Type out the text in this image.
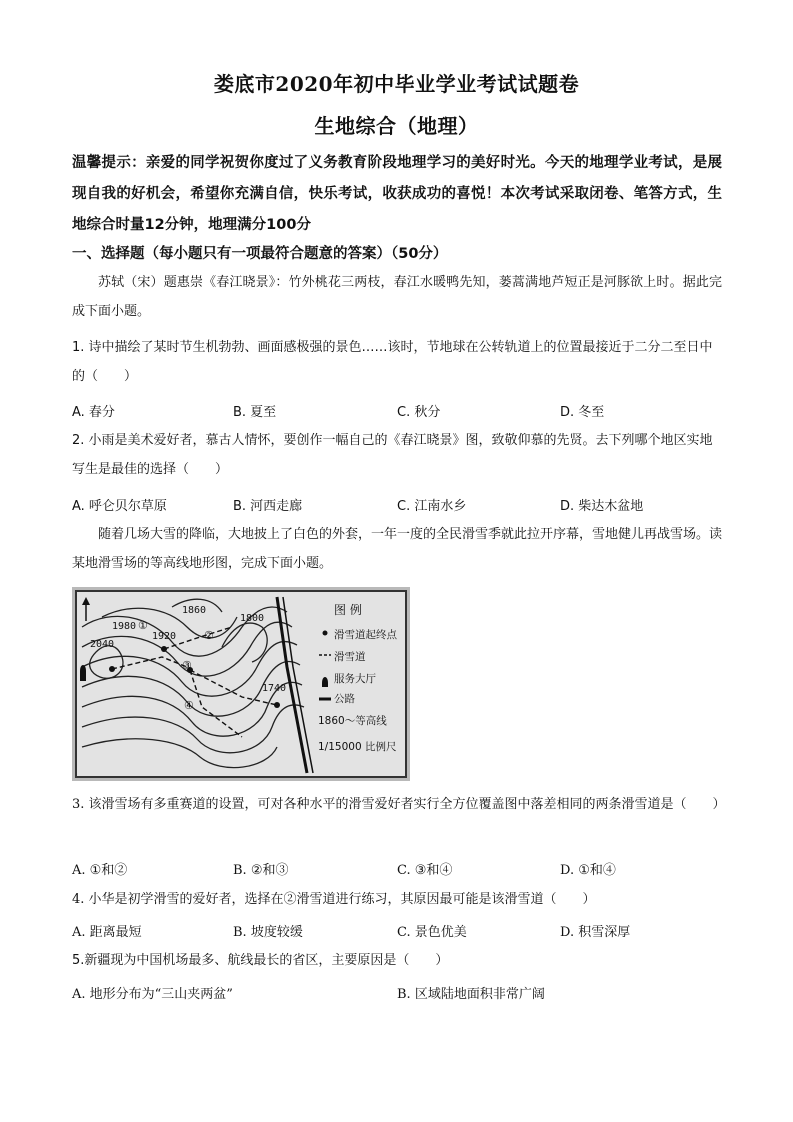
娄底市2020年初中毕业学业考试试题卷
生地综合（地理）
温馨提示：亲爱的同学祝贺你度过了义务教育阶段地理学习的美好时光。今天的地理学业考试，是展现自我的好机会，希望你充满自信，快乐考试，收获成功的喜悦！本次考试采取闭卷、笔答方式，生地综合时量12分钟，地理满分100分
一、选择题（每小题只有一项最符合题意的答案）（50分）
苏轼（宋）题惠崇《春江晓景》：竹外桃花三两枝，春江水暖鸭先知，蒌蒿满地芦短正是河豚欲上时。据此完成下面小题。
1. 诗中描绘了某时节生机勃勃、画面感极强的景色……该时，节地球在公转轨道上的位置最接近于二分二至日中的（　　）
A. 春分	B. 夏至	C. 秋分	D. 冬至
2. 小雨是美术爱好者，慕古人情怀，要创作一幅自己的《春江晓景》图，致敬仰慕的先贤。去下列哪个地区实地写生是最佳的选择（　　）
A. 呼仑贝尔草原	B. 河西走廊	C. 江南水乡	D. 柴达木盆地
随着几场大雪的降临，大地披上了白色的外套，一年一度的全民滑雪季就此拉开序幕，雪地健儿再战雪场。读某地滑雪场的等高线地形图，完成下面小题。
1860
1980
1920
1800
2040
1740
①
②
③
④
图 例
滑雪道起终点
滑雪道
服务大厅
公路
1860～等高线
1/15000 比例尺
3. 该滑雪场有多重赛道的设置，可对各种水平的滑雪爱好者实行全方位覆盖图中落差相同的两条滑雪道是（　　）
A. ①和②	B. ②和③	C. ③和④	D. ①和④
4. 小华是初学滑雪的爱好者，选择在②滑雪道进行练习，其原因最可能是该滑雪道（　　）
A. 距离最短	B. 坡度较缓	C. 景色优美	D. 积雪深厚
5.新疆现为中国机场最多、航线最长的省区，主要原因是（　　）
A. 地形分布为“三山夹两盆”	B. 区域陆地面积非常广阔
